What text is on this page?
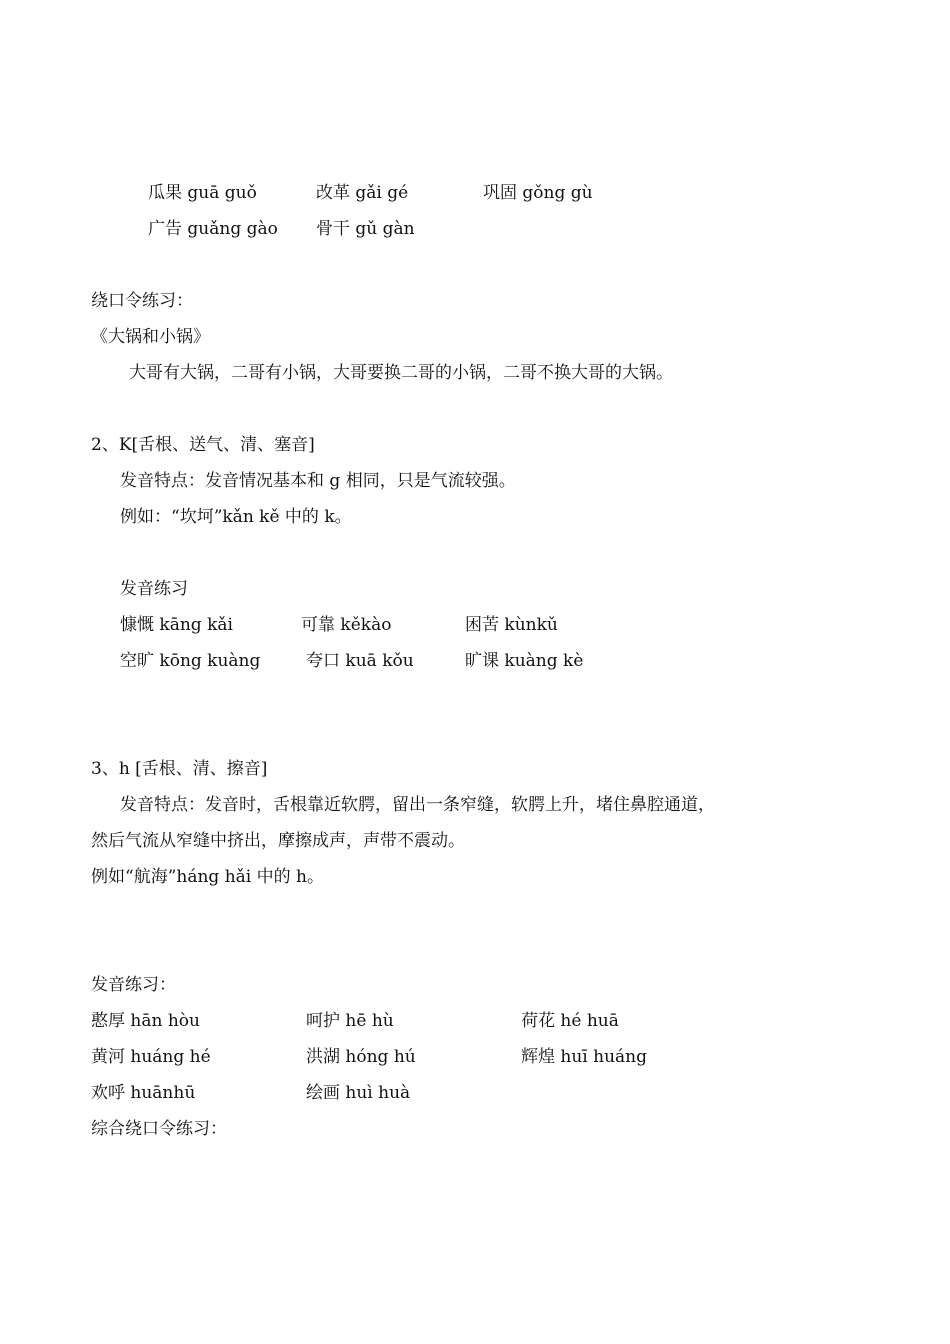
瓜果 guā guǒ	改革 gǎi gé	巩固 gǒng gù
广告 guǎng gào 骨干 gǔ gàn
绕口令练习：
《大锅和小锅》
大哥有大锅，二哥有小锅，大哥要换二哥的小锅，二哥不换大哥的大锅。
2、K[舌根、送气、清、塞音]
发音特点：发音情况基本和 g 相同，只是气流较强。
例如：“坎坷”kǎn kě 中的 k。
发音练习
慷慨 kāng kǎi	可靠 kěkào	困苦 kùnkǔ
空旷 kōng kuàng	夸口 kuā kǒu	旷课 kuàng kè
3、h [舌根、清、擦音]
发音特点：发音时，舌根靠近软腭，留出一条窄缝，软腭上升，堵住鼻腔通道，
然后气流从窄缝中挤出，摩擦成声，声带不震动。
例如“航海”háng hǎi 中的 h。
发音练习：
憨厚 hān hòu	呵护 hē hù	荷花 hé huā
黄河 huáng hé	洪湖 hóng hú	辉煌 huī huáng
欢呼 huānhū	绘画 huì huà
综合绕口令练习：
